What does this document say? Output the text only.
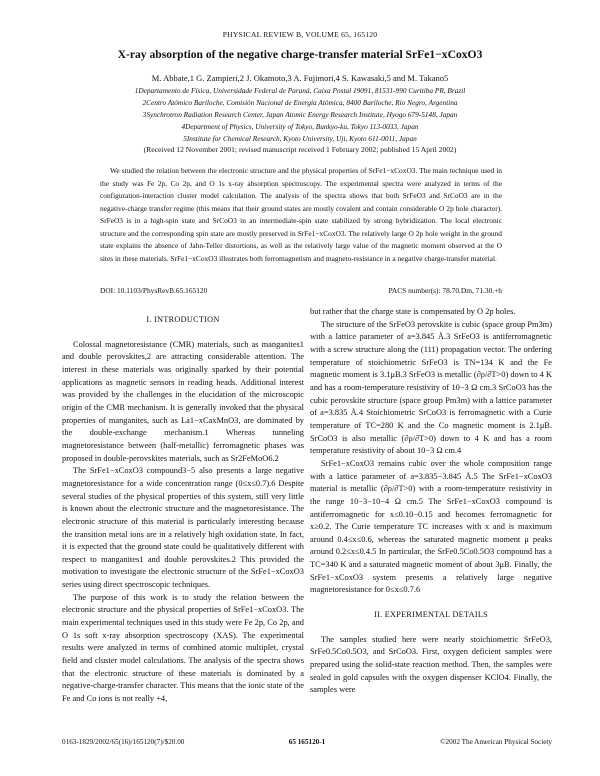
PHYSICAL REVIEW B, VOLUME 65, 165120
X-ray absorption of the negative charge-transfer material SrFe1−xCoxO3
M. Abbate,1 G. Zampieri,2 J. Okamoto,3 A. Fujimori,4 S. Kawasaki,5 and M. Takano5
1Departamento de Física, Universidade Federal de Paraná, Caixa Postal 19091, 81531-990 Curitiba PR, Brazil
2Centro Atómico Bariloche, Comisión Nacional de Energía Atómica, 8400 Bariloche, Rio Negro, Argentina
3Synchrotron Radiation Research Center, Japan Atomic Energy Research Institute, Hyogo 679-5148, Japan
4Department of Physics, University of Tokyo, Bunkyo-ku, Tokyo 113-0033, Japan
5Institute for Chemical Research, Kyoto University, Uji, Kyoto 611-0011, Japan
(Received 12 November 2001; revised manuscript received 1 February 2002; published 15 April 2002)

We studied the relation between the electronic structure and the physical properties of SrFe1−xCoxO3. The main technique used in the study was Fe 2p, Co 2p, and O 1s x-ray absorption spectroscopy. The experimental spectra were analyzed in terms of the configuration-interaction cluster model calculation. The analysis of the spectra shows that both SrFeO3 and SrCoO3 are in the negative-charge transfer regime (this means that their ground states are mostly covalent and contain considerable O 2p hole character). SrFeO3 is in a high-spin state and SrCoO3 in an intermediate-spin state stabilized by strong hybridization. The local electronic structure and the corresponding spin state are mostly preserved in SrFe1−xCoxO3. The relatively large O 2p hole weight in the ground state explains the absence of Jahn-Teller distortions, as well as the relatively large value of the magnetic moment observed at the O sites in these materials. SrFe1−xCoxO3 illustrates both ferromagnetism and magneto-resistance in a negative charge-transfer material.

DOI: 10.1103/PhysRevB.65.165120	PACS number(s): 78.70.Dm, 71.30.+h
I. INTRODUCTION

Colossal magnetoresistance (CMR) materials, such as manganites1 and double perovskites,2 are attracting considerable attention. The interest in these materials was originally sparked by their potential applications as magnetic sensors in reading heads. Additional interest was provided by the challenges in the elucidation of the microscopic origin of the CMR mechanism. It is generally invoked that the physical properties of manganites, such as La1−xCaxMnO3, are dominated by the double-exchange mechanism.1 Whereas tunneling magnetoresistance between (half-metallic) ferromagnetic phases was proposed in double-perovskites materials, such as Sr2FeMoO6.2

The SrFe1−xCoxO3 compound3−5 also presents a large negative magnetoresistance for a wide concentration range (0≤x≤0.7).6 Despite several studies of the physical properties of this system, still very little is known about the electronic structure and the magnetoresistance. The electronic structure of this material is particularly interesting because the transition metal ions are in a relatively high oxidation state. In fact, it is expected that the ground state could be qualitatively different with respect to manganites1 and double perovskites.2 This provided the motivation to investigate the electronic structure of the SrFe1−xCoxO3 series using direct spectroscopic techniques.

The purpose of this work is to study the relation between the electronic structure and the physical properties of SrFe1−xCoxO3. The main experimental techniques used in this study were Fe 2p, Co 2p, and O 1s soft x-ray absorption spectroscopy (XAS). The experimental results were analyzed in terms of combined atomic multiplet, crystal field and cluster model calculations. The analysis of the spectra shows that the electronic structure of these materials is dominated by a negative-charge-transfer character. This means that the ionic state of the Fe and Co ions is not really +4,

but rather that the charge state is compensated by O 2p holes.

The structure of the SrFeO3 perovskite is cubic (space group Pm3m) with a lattice parameter of a=3.845 Å.3 SrFeO3 is antiferromagnetic with a screw structure along the (111) propagation vector. The ordering temperature of stoichiometric SrFeO3 is TN=134 K and the Fe magnetic moment is 3.1μB.3 SrFeO3 is metallic (∂ρ/∂T>0) down to 4 K and has a room-temperature resistivity of 10−3 Ω cm.3 SrCoO3 has the cubic perovskite structure (space group Pm3m) with a lattice parameter of a=3.835 Å.4 Stoichiometric SrCoO3 is ferromagnetic with a Curie temperature of TC=280 K and the Co magnetic moment is 2.1μB. SrCoO3 is also metallic (∂ρ/∂T>0) down to 4 K and has a room temperature resistivity of about 10−3 Ω cm.4

SrFe1−xCoxO3 remains cubic over the whole composition range with a lattice parameter of a=3.835−3.845 Å.5 The SrFe1−xCoxO3 material is metallic (∂ρ/∂T>0) with a room-temperature resistivity in the range 10−3−10−4 Ω cm.5 The SrFe1−xCoxO3 compound is antiferromagnetic for x≤0.10−0.15 and becomes ferromagnetic for x≥0.2. The Curie temperature TC increases with x and is maximum around 0.4≤x≤0.6, whereas the saturated magnetic moment μ peaks around 0.2≤x≤0.4.5 In particular, the SrFe0.5Co0.5O3 compound has a TC=340 K and a saturated magnetic moment of about 3μB. Finally, the SrFe1−xCoxO3 system presents a relatively large negative magnetoresistance for 0≤x≤0.7.6

II. EXPERIMENTAL DETAILS

The samples studied here were nearly stoichiometric SrFeO3, SrFe0.5Co0.5O3, and SrCoO3. First, oxygen deficient samples were prepared using the solid-state reaction method. Then, the samples were sealed in gold capsules with the oxygen dispenser KClO4. Finally, the samples were

0163-1829/2002/65(16)/165120(7)/$20.00	65 165120-1	©2002 The American Physical Society
